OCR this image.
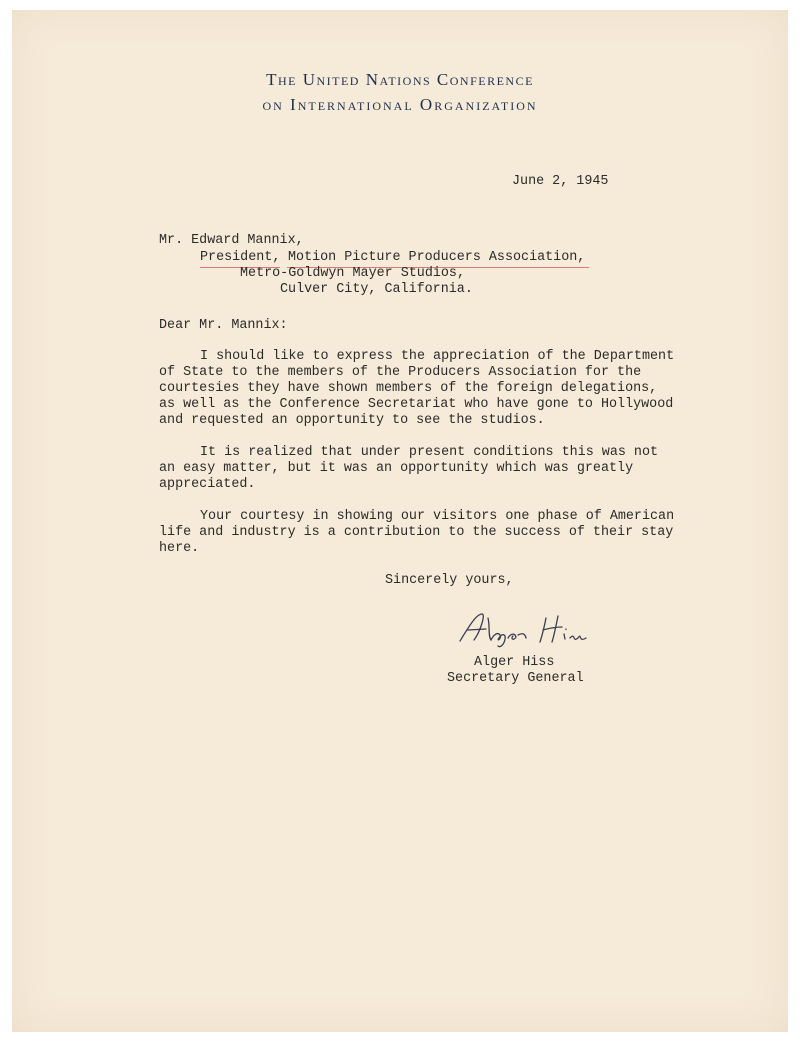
The United Nations Conference
on International Organization
June 2, 1945
Mr. Edward Mannix,
President, Motion Picture Producers Association,
Metro-Goldwyn Mayer Studios,
Culver City, California.
Dear Mr. Mannix:
I should like to express the appreciation of the Department
of State to the members of the Producers Association for the
courtesies they have shown members of the foreign delegations,
as well as the Conference Secretariat who have gone to Hollywood
and requested an opportunity to see the studios.
It is realized that under present conditions this was not
an easy matter, but it was an opportunity which was greatly
appreciated.
Your courtesy in showing our visitors one phase of American
life and industry is a contribution to the success of their stay
here.
Sincerely yours,
Alger Hiss
Secretary General
